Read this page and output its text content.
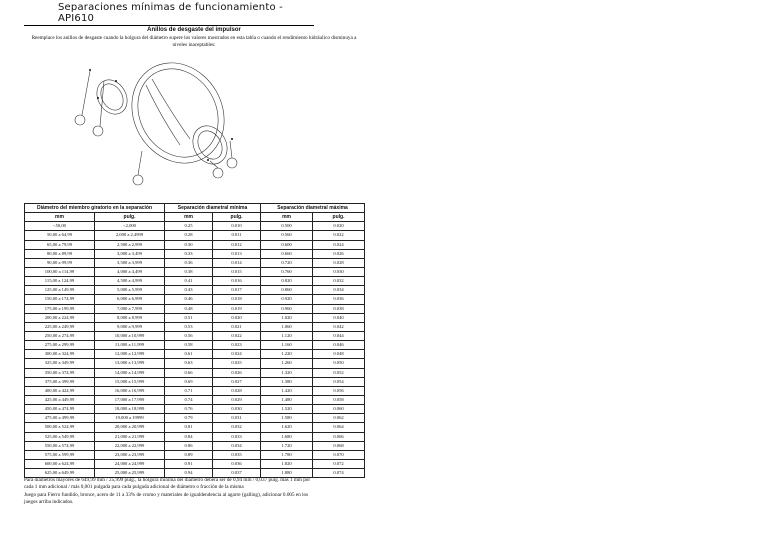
Separaciones mínimas de funcionamiento - API610
Anillos de desgaste del impulsor
Reemplace los anillos de desgaste cuando la holgura del diámetro supere los valores mostrados en esta tabla o cuando el rendimiento hidráulico disminuya a niveles inaceptables:
Diámetro del miembro giratorio en la separación		Separación diametral mínima		Separación diametral máxima	
mm	pulg.	mm	pulg.	mm	pulg.
<50,00	<2,000	0.25	0.010	0.500	0.020
50,00 a 64,99	2,000 a 2,4999	0.28	0.011	0.560	0.022
65,00 a 79,99	2,500 a 2,999	0.30	0.012	0.600	0.024
80,00 a 89,99	3,000 a 3,499	0.33	0.013	0.660	0.026
90,00 a 99,99	3,500 a 3,999	0.36	0.014	0.720	0.028
100,00 a 114,99	4,000 a 4,499	0.38	0.015	0.760	0.030
115,00 a 124,99	4,500 a 4,999	0.41	0.016	0.820	0.032
125,00 a 149,99	5,000 a 5,999	0.43	0.017	0.860	0.034
150,00 a 174,99	6,000 a 6,999	0.46	0.018	0.920	0.036
175,00 a 199,99	7,000 a 7,999	0.48	0.019	0.960	0.038
200,00 a 224,99	8,000 a 8,999	0.51	0.020	1.020	0.040
225,00 a 249,99	9,000 a 9,999	0.53	0.021	1.060	0.042
250,00 a 274,99	10,000 a 10,999	0.56	0.022	1.120	0.044
275,00 a 299,99	11,000 a 11,999	0.58	0.023	1.160	0.046
300,00 a 324,99	12,000 a 12,999	0.61	0.024	1.220	0.048
325,00 a 349,99	13,000 a 13,999	0.63	0.025	1.260	0.050
350,00 a 374,99	14,000 a 14,999	0.66	0.026	1.320	0.052
375,00 a 399,99	15,000 a 15,999	0.69	0.027	1.380	0.054
400,00 a 424,99	16,000 a 16,999	0.71	0.028	1.420	0.056
425,00 a 449,99	17,000 a 17,999	0.74	0.029	1.480	0.058
450,00 a 474,99	18,000 a 18,999	0.76	0.030	1.520	0.060
475,00 a 499,99	19,000 a 19999	0.79	0.031	1.580	0.062
500,00 a 524,99	20,000 a 20,999	0.81	0.032	1.620	0.064
525,00 a 549,99	21,000 a 21,999	0.84	0.033	1.680	0.066
550,00 a 574,99	22,000 a 22,999	0.86	0.034	1.720	0.068
575,00 a 599,99	23,000 a 23,999	0.89	0.035	1.780	0.070
600,00 a 624,99	24,000 a 24,999	0.91	0.036	1.820	0.072
625,00 a 649,99	25,000 a 25,999	0.94	0.037	1.880	0.074

Para diámetros mayores de 649,99 mm / 25,999 pulg., la holgura mínima del diámetro deberá ser de 0,94 mm / 0,037 pulg. más 1 mm por cada 1 mm adicional / más 0,001 pulgada para cada pulgada adicional de diámetro o fracción de la misma

Juego para Fierro fundido, bronce, acero de 11 a 33% de cromo y materiales de igualdendencia al agarre (galling), adicionar 0.005 en los juegos arriba indicados.
